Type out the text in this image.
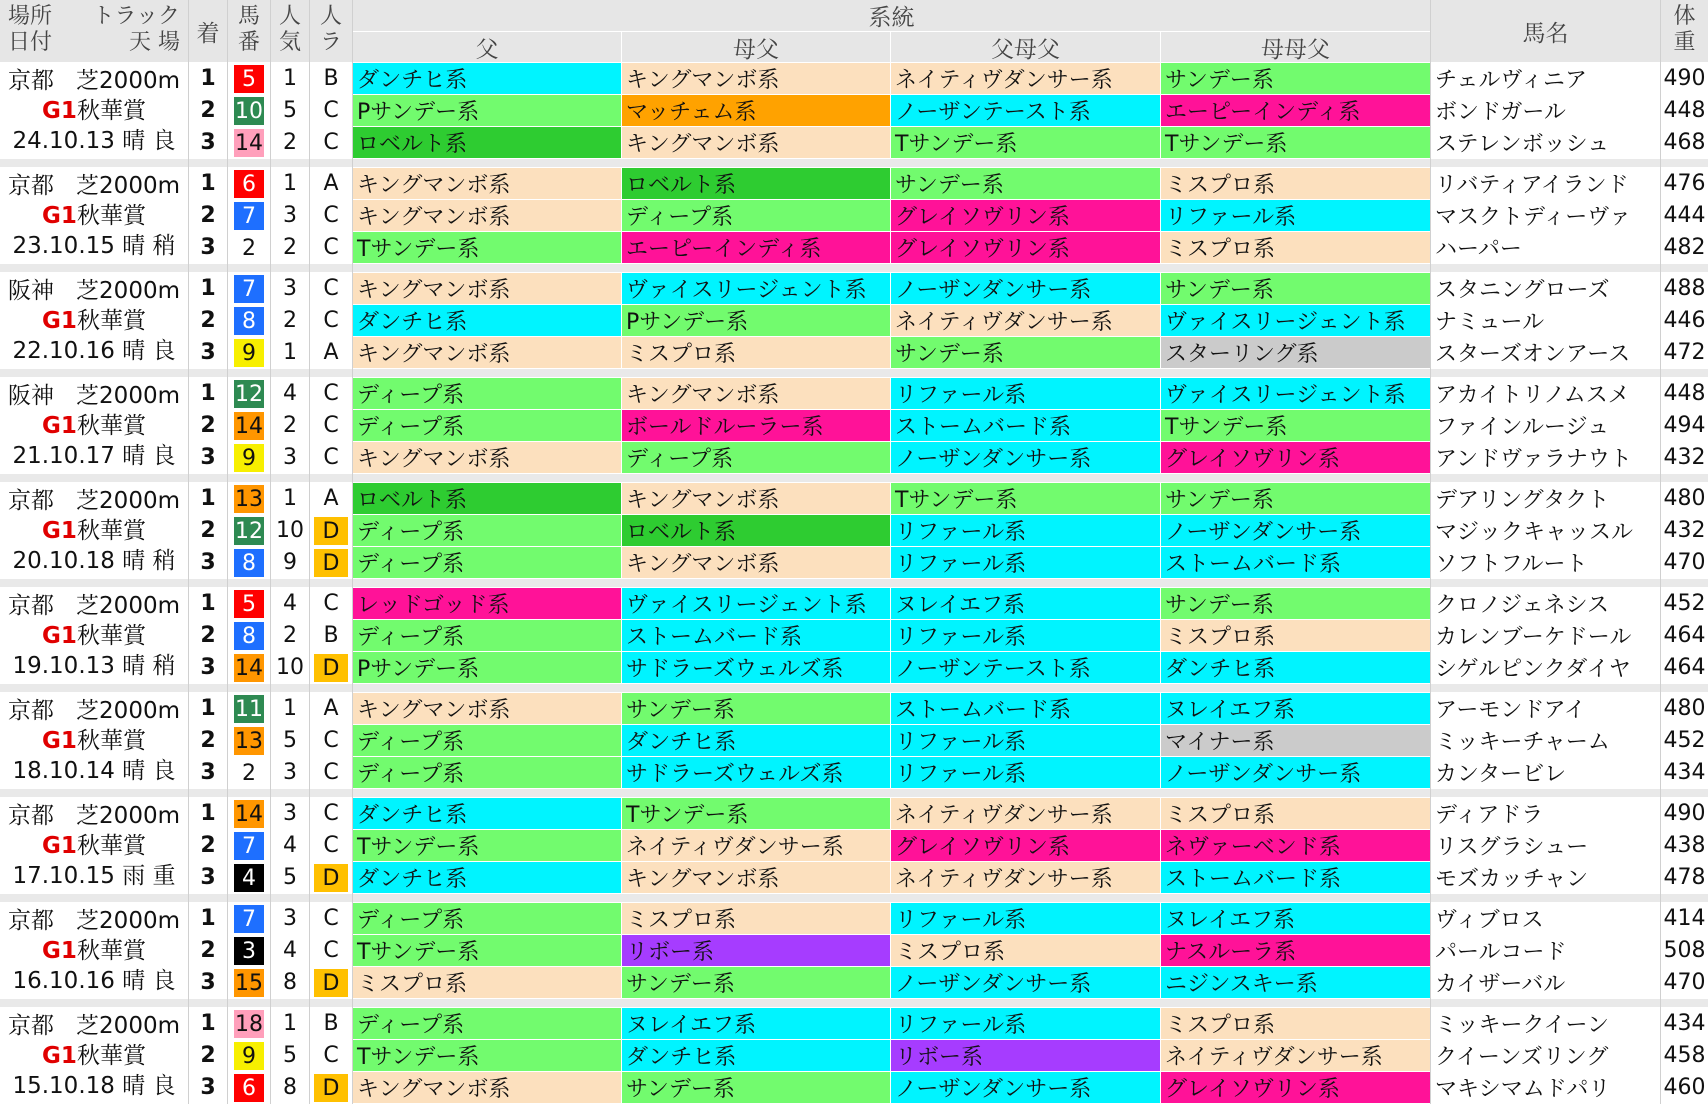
場所 トラック
日付	天 場 着
馬
番
人
気
人
ラ
系統
父	母父	父母父	母母父
馬名
体
重
京都 芝2000m
G1秋華賞
24.10.13 晴 良
1	5	1	B ダンチヒ系	キングマンボ系	ネイティヴダンサー系	サンデー系	チェルヴィニア	490
2 10 5	C Pサンデー系	マッチェム系	ノーザンテースト系	エーピーインディ系	ボンドガール	448
3 14 2	C ロベルト系	キングマンボ系	Tサンデー系	Tサンデー系	ステレンボッシュ	468
京都 芝2000m
G1秋華賞
23.10.15 晴 稍
1	6	1	A キングマンボ系	ロベルト系	サンデー系	ミスプロ系	リバティアイランド	476
2	7	3	C キングマンボ系	ディープ系	グレイソヴリン系	リファール系	マスクトディーヴァ	444
3	2	2	C Tサンデー系	エーピーインディ系	グレイソヴリン系	ミスプロ系	ハーパー	482
阪神 芝2000m
G1秋華賞
22.10.16 晴 良
1	7	3	C キングマンボ系	ヴァイスリージェント系	ノーザンダンサー系	サンデー系	スタニングローズ	488
2	8	2	C ダンチヒ系	Pサンデー系	ネイティヴダンサー系	ヴァイスリージェント系	ナミュール	446
3	9	1	A キングマンボ系	ミスプロ系	サンデー系	スターリング系	スターズオンアース	472
阪神 芝2000m
G1秋華賞
21.10.17 晴 良
1 12 4	C ディープ系	キングマンボ系	リファール系	ヴァイスリージェント系	アカイトリノムスメ	448
2 14 2	C ディープ系	ボールドルーラー系	ストームバード系	Tサンデー系	ファインルージュ	494
3	9	3	C キングマンボ系	ディープ系	ノーザンダンサー系	グレイソヴリン系	アンドヴァラナウト	432
京都 芝2000m
G1秋華賞
20.10.18 晴 稍
1 13 1	A ロベルト系	キングマンボ系	Tサンデー系	サンデー系	デアリングタクト	480
2 12 10 D ディープ系	ロベルト系	リファール系	ノーザンダンサー系	マジックキャッスル	432
3	8	9	D ディープ系	キングマンボ系	リファール系	ストームバード系	ソフトフルート	470
京都 芝2000m
G1秋華賞
19.10.13 晴 稍
1	5	4	C レッドゴッド系	ヴァイスリージェント系	ヌレイエフ系	サンデー系	クロノジェネシス	452
2	8	2	B ディープ系	ストームバード系	リファール系	ミスプロ系	カレンブーケドール	464
3 14 10 D Pサンデー系	サドラーズウェルズ系	ノーザンテースト系	ダンチヒ系	シゲルピンクダイヤ	464
京都 芝2000m
G1秋華賞
18.10.14 晴 良
1 11 1	A キングマンボ系	サンデー系	ストームバード系	ヌレイエフ系	アーモンドアイ	480
2 13 5	C ディープ系	ダンチヒ系	リファール系	マイナー系	ミッキーチャーム	452
3	2	3	C ディープ系	サドラーズウェルズ系	リファール系	ノーザンダンサー系	カンタービレ	434
京都 芝2000m
G1秋華賞
17.10.15 雨 重
1 14 3	C ダンチヒ系	Tサンデー系	ネイティヴダンサー系	ミスプロ系	ディアドラ	490
2	7	4	C Tサンデー系	ネイティヴダンサー系	グレイソヴリン系	ネヴァーベンド系	リスグラシュー	438
3	4	5	D ダンチヒ系	キングマンボ系	ネイティヴダンサー系	ストームバード系	モズカッチャン	478
京都 芝2000m
G1秋華賞
16.10.16 晴 良
1	7	3	C ディープ系	ミスプロ系	リファール系	ヌレイエフ系	ヴィブロス	414
2	3	4	C Tサンデー系	リボー系	ミスプロ系	ナスルーラ系	パールコード	508
3 15 8	D ミスプロ系	サンデー系	ノーザンダンサー系	ニジンスキー系	カイザーバル	470
京都 芝2000m
G1秋華賞
15.10.18 晴 良
1 18 1	B ディープ系	ヌレイエフ系	リファール系	ミスプロ系	ミッキークイーン	434
2	9	5	C Tサンデー系	ダンチヒ系	リボー系	ネイティヴダンサー系	クイーンズリング	458
3	6	8	D キングマンボ系	サンデー系	ノーザンダンサー系	グレイソヴリン系	マキシマムドパリ	460
